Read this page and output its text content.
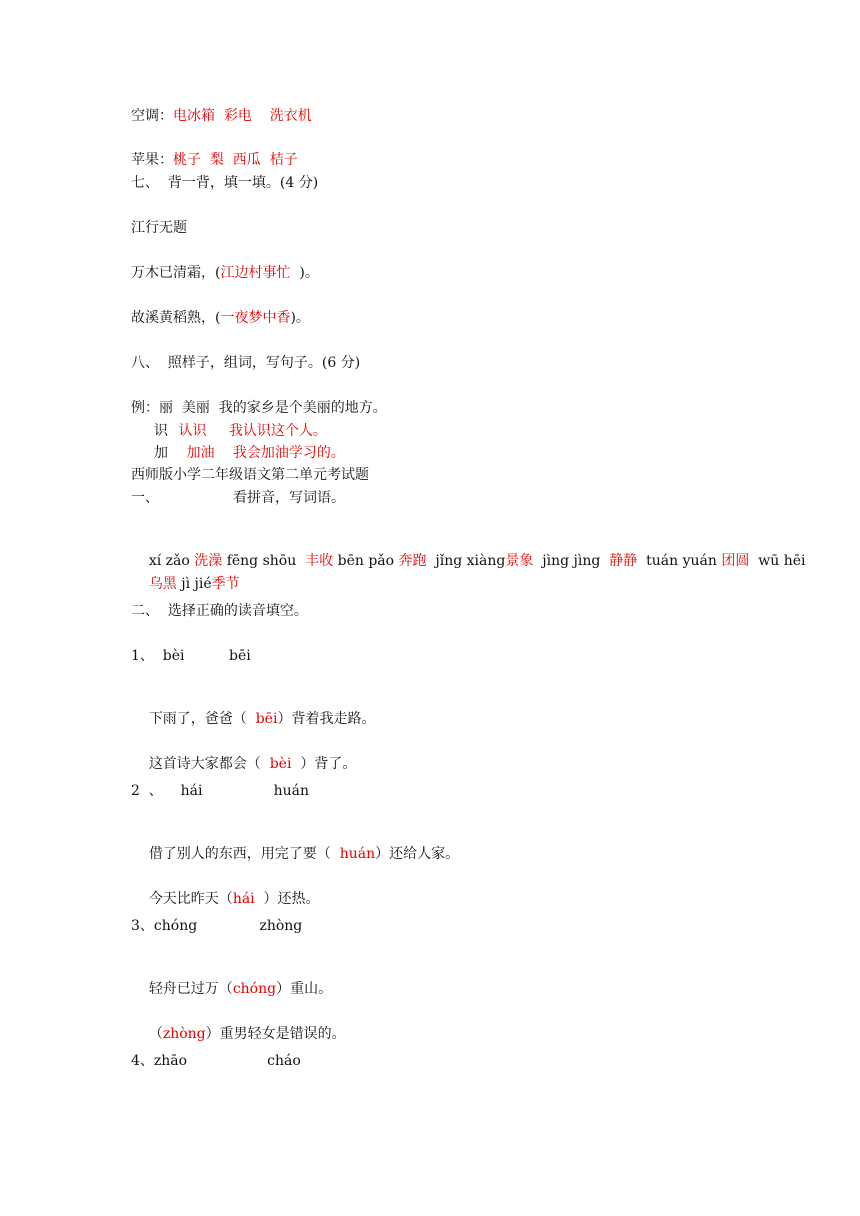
空调：电冰箱  彩电    洗衣机
苹果：桃子  梨  西瓜  桔子
七、  背一背，填一填。(4 分)
江行无题
万木已清霜，(江边村事忙  )。
故溪黄稻熟，(一夜梦中香)。
八、  照样子，组词，写句子。(6 分)
例：丽  美丽  我的家乡是个美丽的地方。
识 认识 我认识这个人。
加 加油 我会加油学习的。
西师版小学二年级语文第二单元考试题
一、	看拼音，写词语。

xí zǎo 洗澡 fēng shōu  丰收 bēn pǎo 奔跑  jǐng xiàng景象  jìng jìng  静静  tuán yuán 团圆  wū hēi

乌黑 jì jié季节

二、  选择正确的读音填空。
1、  bèi          bēi

下雨了，爸爸（  bēi）背着我走路。

这首诗大家都会（  bèi  ）背了。

2  、    hái                huán

借了别人的东西，用完了要（  huán）还给人家。

今天比昨天（hái  ）还热。

3、chóng              zhòng

轻舟已过万（chóng）重山。

（zhòng）重男轻女是错误的。

4、zhāo                  cháo
